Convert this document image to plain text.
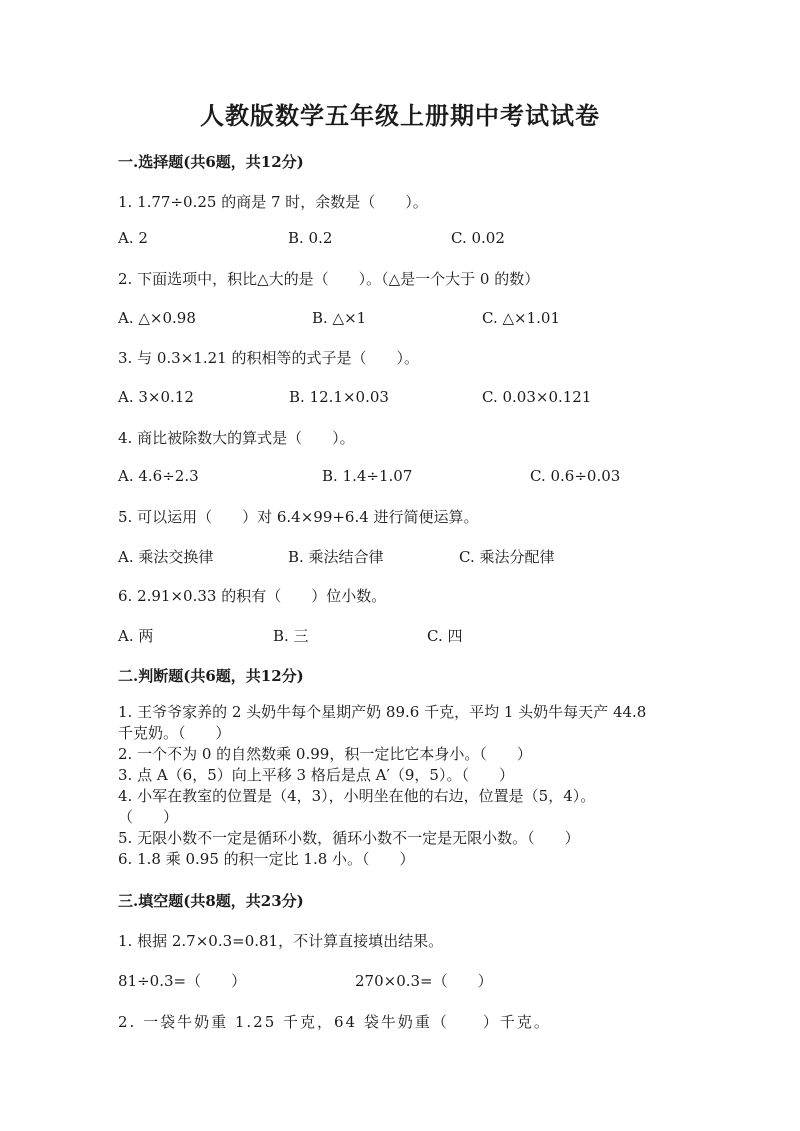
人教版数学五年级上册期中考试试卷
一.选择题(共6题，共12分)
1. 1.77÷0.25 的商是 7 时，余数是（　　）。
A. 2	B. 0.2	C. 0.02
2. 下面选项中，积比△大的是（　　）。（△是一个大于 0 的数）
A. △×0.98	B. △×1	C. △×1.01
3. 与 0.3×1.21 的积相等的式子是（　　）。
A. 3×0.12	B. 12.1×0.03	C. 0.03×0.121
4. 商比被除数大的算式是（　　）。
A. 4.6÷2.3	B. 1.4÷1.07	C. 0.6÷0.03
5. 可以运用（　　）对 6.4×99+6.4 进行简便运算。
A. 乘法交换律	B. 乘法结合律	C. 乘法分配律
6. 2.91×0.33 的积有（　　）位小数。
A. 两	B. 三	C. 四
二.判断题(共6题，共12分)
1. 王爷爷家养的 2 头奶牛每个星期产奶 89.6 千克，平均 1 头奶牛每天产 44.8
千克奶。（　　）
2. 一个不为 0 的自然数乘 0.99，积一定比它本身小。（　　）
3. 点 A（6，5）向上平移 3 格后是点 A′（9，5）。（　　）
4. 小军在教室的位置是（4，3），小明坐在他的右边，位置是（5，4）。
（　　）
5. 无限小数不一定是循环小数，循环小数不一定是无限小数。（　　）
6. 1.8 乘 0.95 的积一定比 1.8 小。（　　）
三.填空题(共8题，共23分)
1. 根据 2.7×0.3=0.81，不计算直接填出结果。
81÷0.3=（　　）	270×0.3=（　　）
2. 一袋牛奶重 1.25 千克，64 袋牛奶重（　　）千克。
